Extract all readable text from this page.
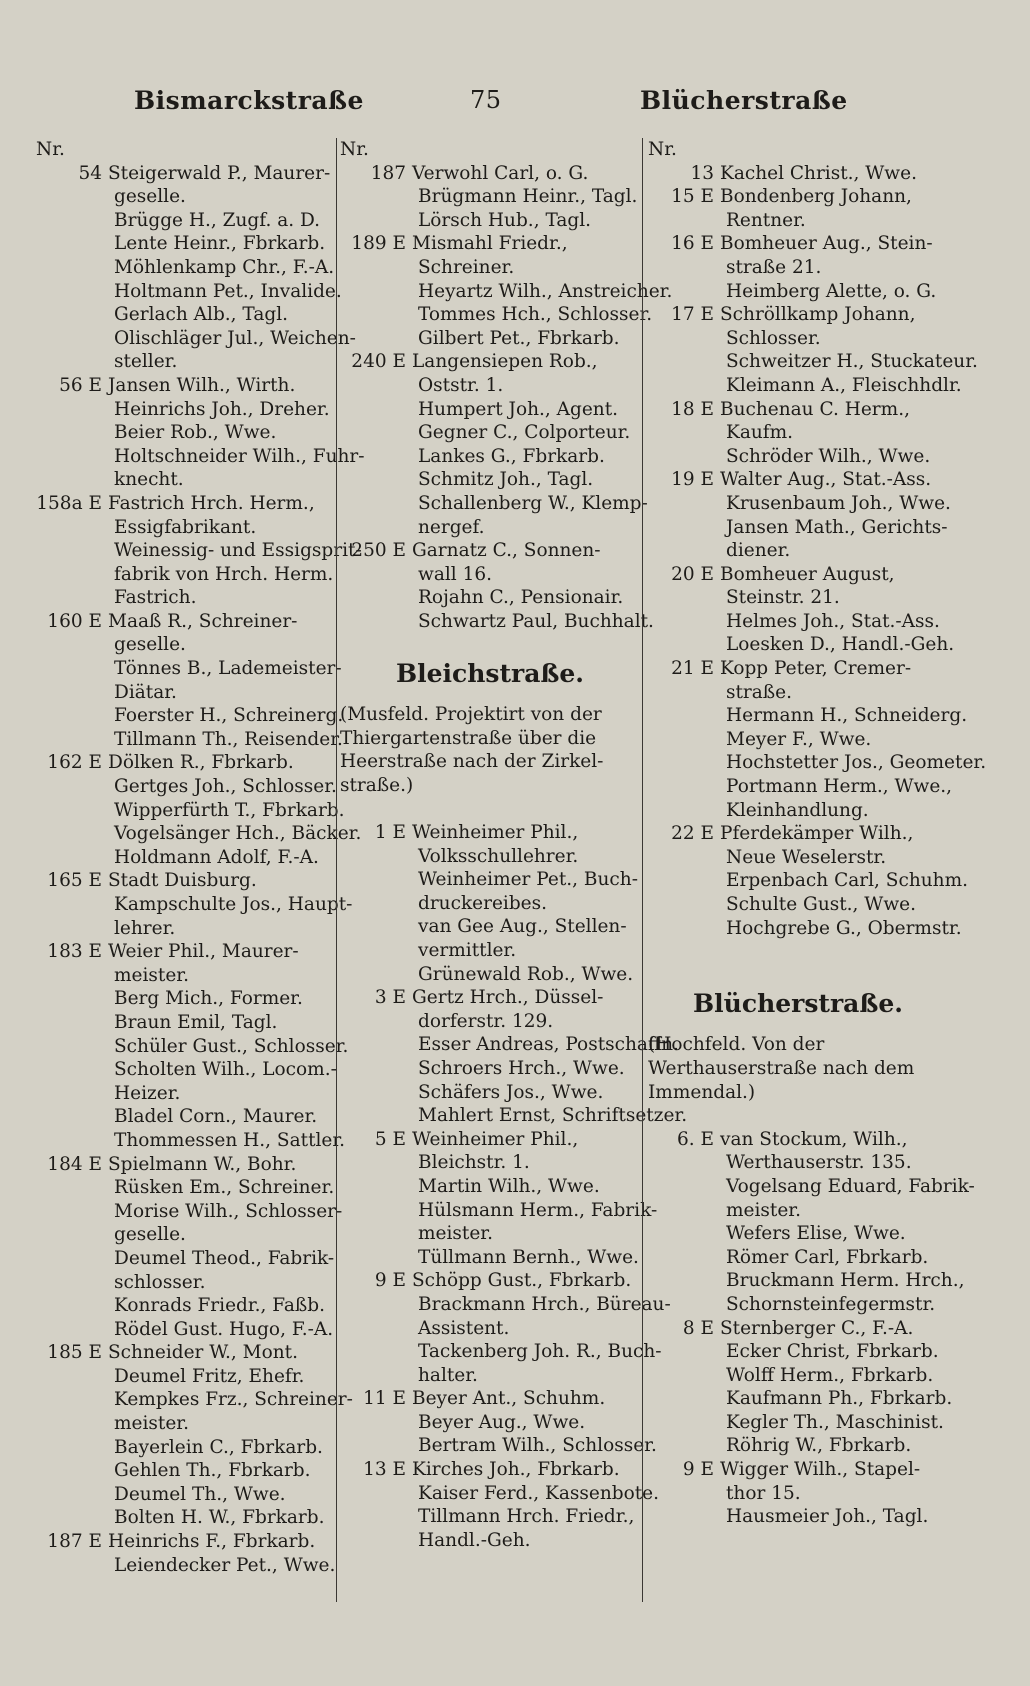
Bismarckstraße	75	Blücherstraße
Nr.
54 Steigerwald P., Maurer-
geselle.
Brügge H., Zugf. a. D.
Lente Heinr., Fbrkarb.
Möhlenkamp Chr., F.-A.
Holtmann Pet., Invalide.
Gerlach Alb., Tagl.
Olischläger Jul., Weichen-
steller.
56 E Jansen Wilh., Wirth.
Heinrichs Joh., Dreher.
Beier Rob., Wwe.
Holtschneider Wilh., Fuhr-
knecht.
158a E Fastrich Hrch. Herm.,
Essigfabrikant.
Weinessig- und Essigsprit-
fabrik von Hrch. Herm.
Fastrich.
160 E Maaß R., Schreiner-
geselle.
Tönnes B., Lademeister-
Diätar.
Foerster H., Schreinerg.
Tillmann Th., Reisender.
162 E Dölken R., Fbrkarb.
Gertges Joh., Schlosser.
Wipperfürth T., Fbrkarb.
Vogelsänger Hch., Bäcker.
Holdmann Adolf, F.-A.
165 E Stadt Duisburg.
Kampschulte Jos., Haupt-
lehrer.
183 E Weier Phil., Maurer-
meister.
Berg Mich., Former.
Braun Emil, Tagl.
Schüler Gust., Schlosser.
Scholten Wilh., Locom.-
Heizer.
Bladel Corn., Maurer.
Thommessen H., Sattler.
184 E Spielmann W., Bohr.
Rüsken Em., Schreiner.
Morise Wilh., Schlosser-
geselle.
Deumel Theod., Fabrik-
schlosser.
Konrads Friedr., Faßb.
Rödel Gust. Hugo, F.-A.
185 E Schneider W., Mont.
Deumel Fritz, Ehefr.
Kempkes Frz., Schreiner-
meister.
Bayerlein C., Fbrkarb.
Gehlen Th., Fbrkarb.
Deumel Th., Wwe.
Bolten H. W., Fbrkarb.
187 E Heinrichs F., Fbrkarb.
Leiendecker Pet., Wwe.
Nr.
187 Verwohl Carl, o. G.
Brügmann Heinr., Tagl.
Lörsch Hub., Tagl.
189 E Mismahl Friedr.,
Schreiner.
Heyartz Wilh., Anstreicher.
Tommes Hch., Schlosser.
Gilbert Pet., Fbrkarb.
240 E Langensiepen Rob.,
Oststr. 1.
Humpert Joh., Agent.
Gegner C., Colporteur.
Lankes G., Fbrkarb.
Schmitz Joh., Tagl.
Schallenberg W., Klemp-
nergef.
250 E Garnatz C., Sonnen-
wall 16.
Rojahn C., Pensionair.
Schwartz Paul, Buchhalt.
Bleichstraße.
(Musfeld. Projektirt von der
Thiergartenstraße über die
Heerstraße nach der Zirkel-
straße.)
1 E Weinheimer Phil.,
Volksschullehrer.
Weinheimer Pet., Buch-
druckereibes.
van Gee Aug., Stellen-
vermittler.
Grünewald Rob., Wwe.
3 E Gertz Hrch., Düssel-
dorferstr. 129.
Esser Andreas, Postschaffn.
Schroers Hrch., Wwe.
Schäfers Jos., Wwe.
Mahlert Ernst, Schriftsetzer.
5 E Weinheimer Phil.,
Bleichstr. 1.
Martin Wilh., Wwe.
Hülsmann Herm., Fabrik-
meister.
Tüllmann Bernh., Wwe.
9 E Schöpp Gust., Fbrkarb.
Brackmann Hrch., Büreau-
Assistent.
Tackenberg Joh. R., Buch-
halter.
11 E Beyer Ant., Schuhm.
Beyer Aug., Wwe.
Bertram Wilh., Schlosser.
13 E Kirches Joh., Fbrkarb.
Kaiser Ferd., Kassenbote.
Tillmann Hrch. Friedr.,
Handl.-Geh.
Nr.
13 Kachel Christ., Wwe.
15 E Bondenberg Johann,
Rentner.
16 E Bomheuer Aug., Stein-
straße 21.
Heimberg Alette, o. G.
17 E Schröllkamp Johann,
Schlosser.
Schweitzer H., Stuckateur.
Kleimann A., Fleischhdlr.
18 E Buchenau C. Herm.,
Kaufm.
Schröder Wilh., Wwe.
19 E Walter Aug., Stat.-Ass.
Krusenbaum Joh., Wwe.
Jansen Math., Gerichts-
diener.
20 E Bomheuer August,
Steinstr. 21.
Helmes Joh., Stat.-Ass.
Loesken D., Handl.-Geh.
21 E Kopp Peter, Cremer-
straße.
Hermann H., Schneiderg.
Meyer F., Wwe.
Hochstetter Jos., Geometer.
Portmann Herm., Wwe.,
Kleinhandlung.
22 E Pferdekämper Wilh.,
Neue Weselerstr.
Erpenbach Carl, Schuhm.
Schulte Gust., Wwe.
Hochgrebe G., Obermstr.
Blücherstraße.
(Hochfeld. Von der
Werthauserstraße nach dem
Immendal.)
6. E van Stockum, Wilh.,
Werthauserstr. 135.
Vogelsang Eduard, Fabrik-
meister.
Wefers Elise, Wwe.
Römer Carl, Fbrkarb.
Bruckmann Herm. Hrch.,
Schornsteinfegermstr.
8 E Sternberger C., F.-A.
Ecker Christ, Fbrkarb.
Wolff Herm., Fbrkarb.
Kaufmann Ph., Fbrkarb.
Kegler Th., Maschinist.
Röhrig W., Fbrkarb.
9 E Wigger Wilh., Stapel-
thor 15.
Hausmeier Joh., Tagl.
